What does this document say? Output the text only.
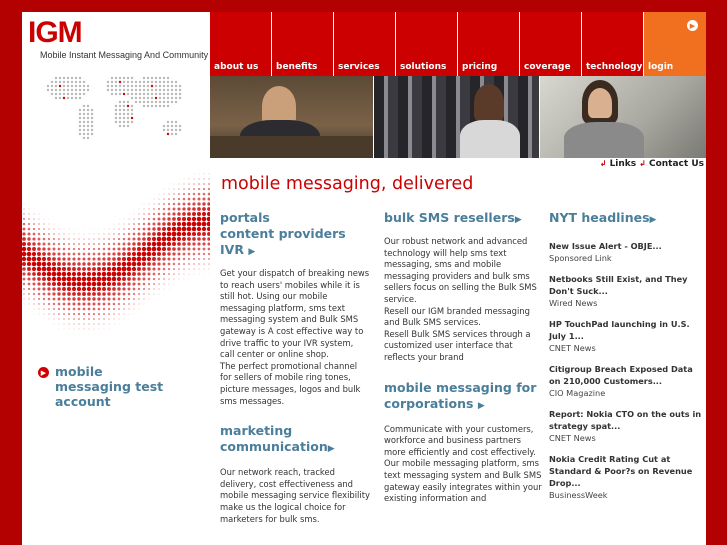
IGM
Mobile Instant Messaging And Community
▶ mobile messaging test account
about us benefits services solutions pricing	coverage technology
▶
login
↲ Links ↲ Contact Us
mobile messaging, delivered
portals
content providers
IVR ▶
Get your dispatch of breaking news to reach users' mobiles while it is still hot. Using our mobile messaging platform, sms text messaging system and Bulk SMS gateway is A cost effective way to drive traffic to your IVR system, call center or online shop.
The perfect promotional channel for sellers of mobile ring tones, picture messages, logos and bulk sms messages.
marketing communication▶
Our network reach, tracked delivery, cost effectiveness and mobile messaging service flexibility make us the logical choice for marketers for bulk sms.
bulk SMS resellers▶
Our robust network and advanced technology will help sms text messaging, sms and mobile messaging providers and bulk sms sellers focus on selling the Bulk SMS service.
Resell our IGM branded messaging and Bulk SMS services.
Resell Bulk SMS services through a customized user interface that reflects your brand
mobile messaging for corporations ▶
Communicate with your customers, workforce and business partners more efficiently and cost effectively. Our mobile messaging platform, sms text messaging system and Bulk SMS gateway easily integrates within your existing information and
NYT headlines▶
New Issue Alert - OBJE...
Sponsored Link
Netbooks Still Exist, and They Don't Suck...
Wired News
HP TouchPad launching in U.S. July 1...
CNET News
Citigroup Breach Exposed Data on 210,000 Customers...
CIO Magazine
Report: Nokia CTO on the outs in strategy spat...
CNET News
Nokia Credit Rating Cut at Standard & Poor?s on Revenue Drop...
BusinessWeek
